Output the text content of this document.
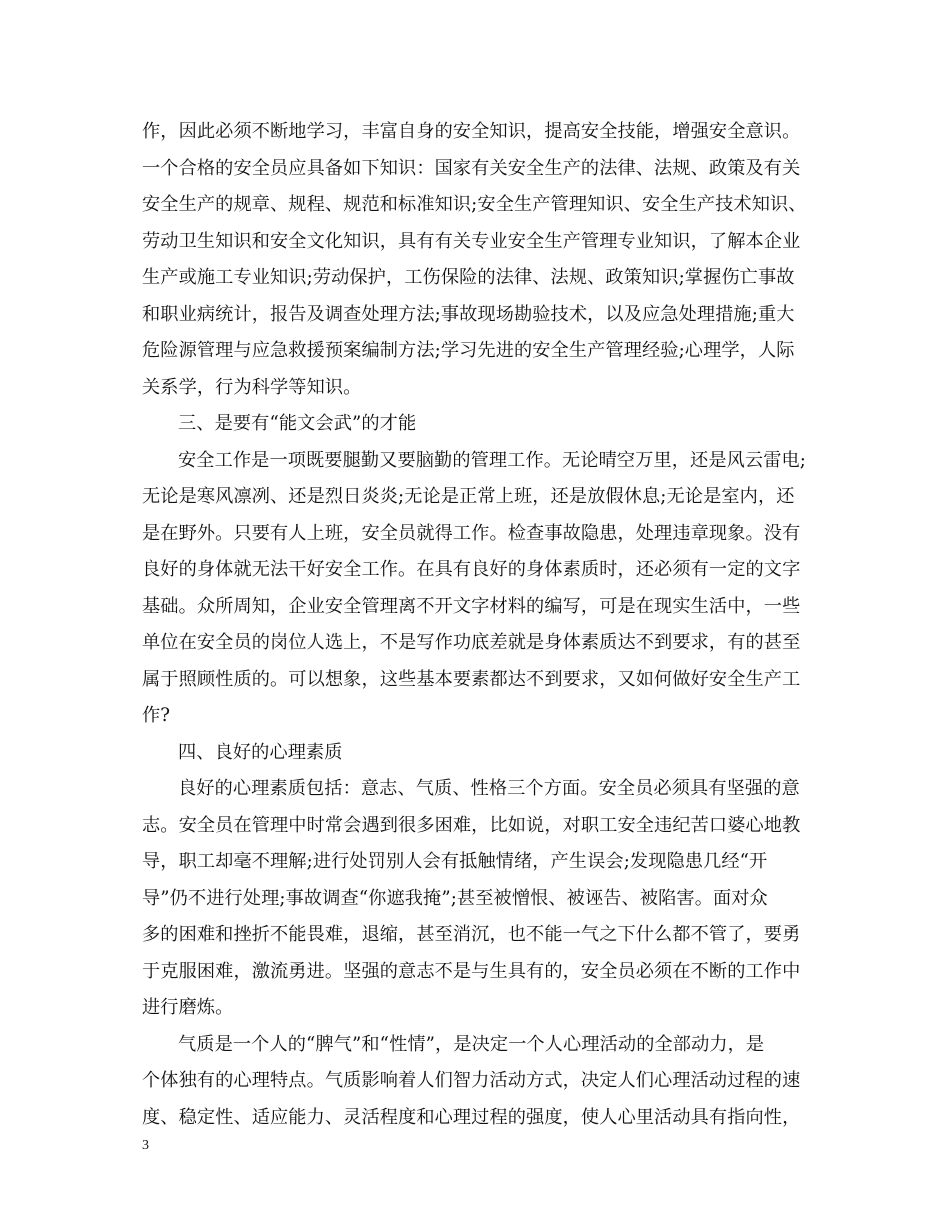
作，因此必须不断地学习，丰富自身的安全知识，提高安全技能，增强安全意识。
一个合格的安全员应具备如下知识：国家有关安全生产的法律、法规、政策及有关
安全生产的规章、规程、规范和标准知识;安全生产管理知识、安全生产技术知识、
劳动卫生知识和安全文化知识，具有有关专业安全生产管理专业知识，了解本企业
生产或施工专业知识;劳动保护，工伤保险的法律、法规、政策知识;掌握伤亡事故
和职业病统计，报告及调查处理方法;事故现场勘验技术，以及应急处理措施;重大
危险源管理与应急救援预案编制方法;学习先进的安全生产管理经验;心理学，人际
关系学，行为科学等知识。
三、是要有“能文会武”的才能
安全工作是一项既要腿勤又要脑勤的管理工作。无论晴空万里，还是风云雷电;
无论是寒风凛冽、还是烈日炎炎;无论是正常上班，还是放假休息;无论是室内，还
是在野外。只要有人上班，安全员就得工作。检查事故隐患，处理违章现象。没有
良好的身体就无法干好安全工作。在具有良好的身体素质时，还必须有一定的文字
基础。众所周知，企业安全管理离不开文字材料的编写，可是在现实生活中，一些
单位在安全员的岗位人选上，不是写作功底差就是身体素质达不到要求，有的甚至
属于照顾性质的。可以想象，这些基本要素都达不到要求，又如何做好安全生产工
作?
四、良好的心理素质
良好的心理素质包括：意志、气质、性格三个方面。安全员必须具有坚强的意
志。安全员在管理中时常会遇到很多困难，比如说，对职工安全违纪苦口婆心地教
导，职工却毫不理解;进行处罚别人会有抵触情绪，产生误会;发现隐患几经“开
导”仍不进行处理;事故调查“你遮我掩”;甚至被憎恨、被诬告、被陷害。面对众
多的困难和挫折不能畏难，退缩，甚至消沉，也不能一气之下什么都不管了，要勇
于克服困难，激流勇进。坚强的意志不是与生具有的，安全员必须在不断的工作中
进行磨炼。
气质是一个人的“脾气”和“性情”，是决定一个人心理活动的全部动力，是
个体独有的心理特点。气质影响着人们智力活动方式，决定人们心理活动过程的速
度、稳定性、适应能力、灵活程度和心理过程的强度，使人心里活动具有指向性，
3
